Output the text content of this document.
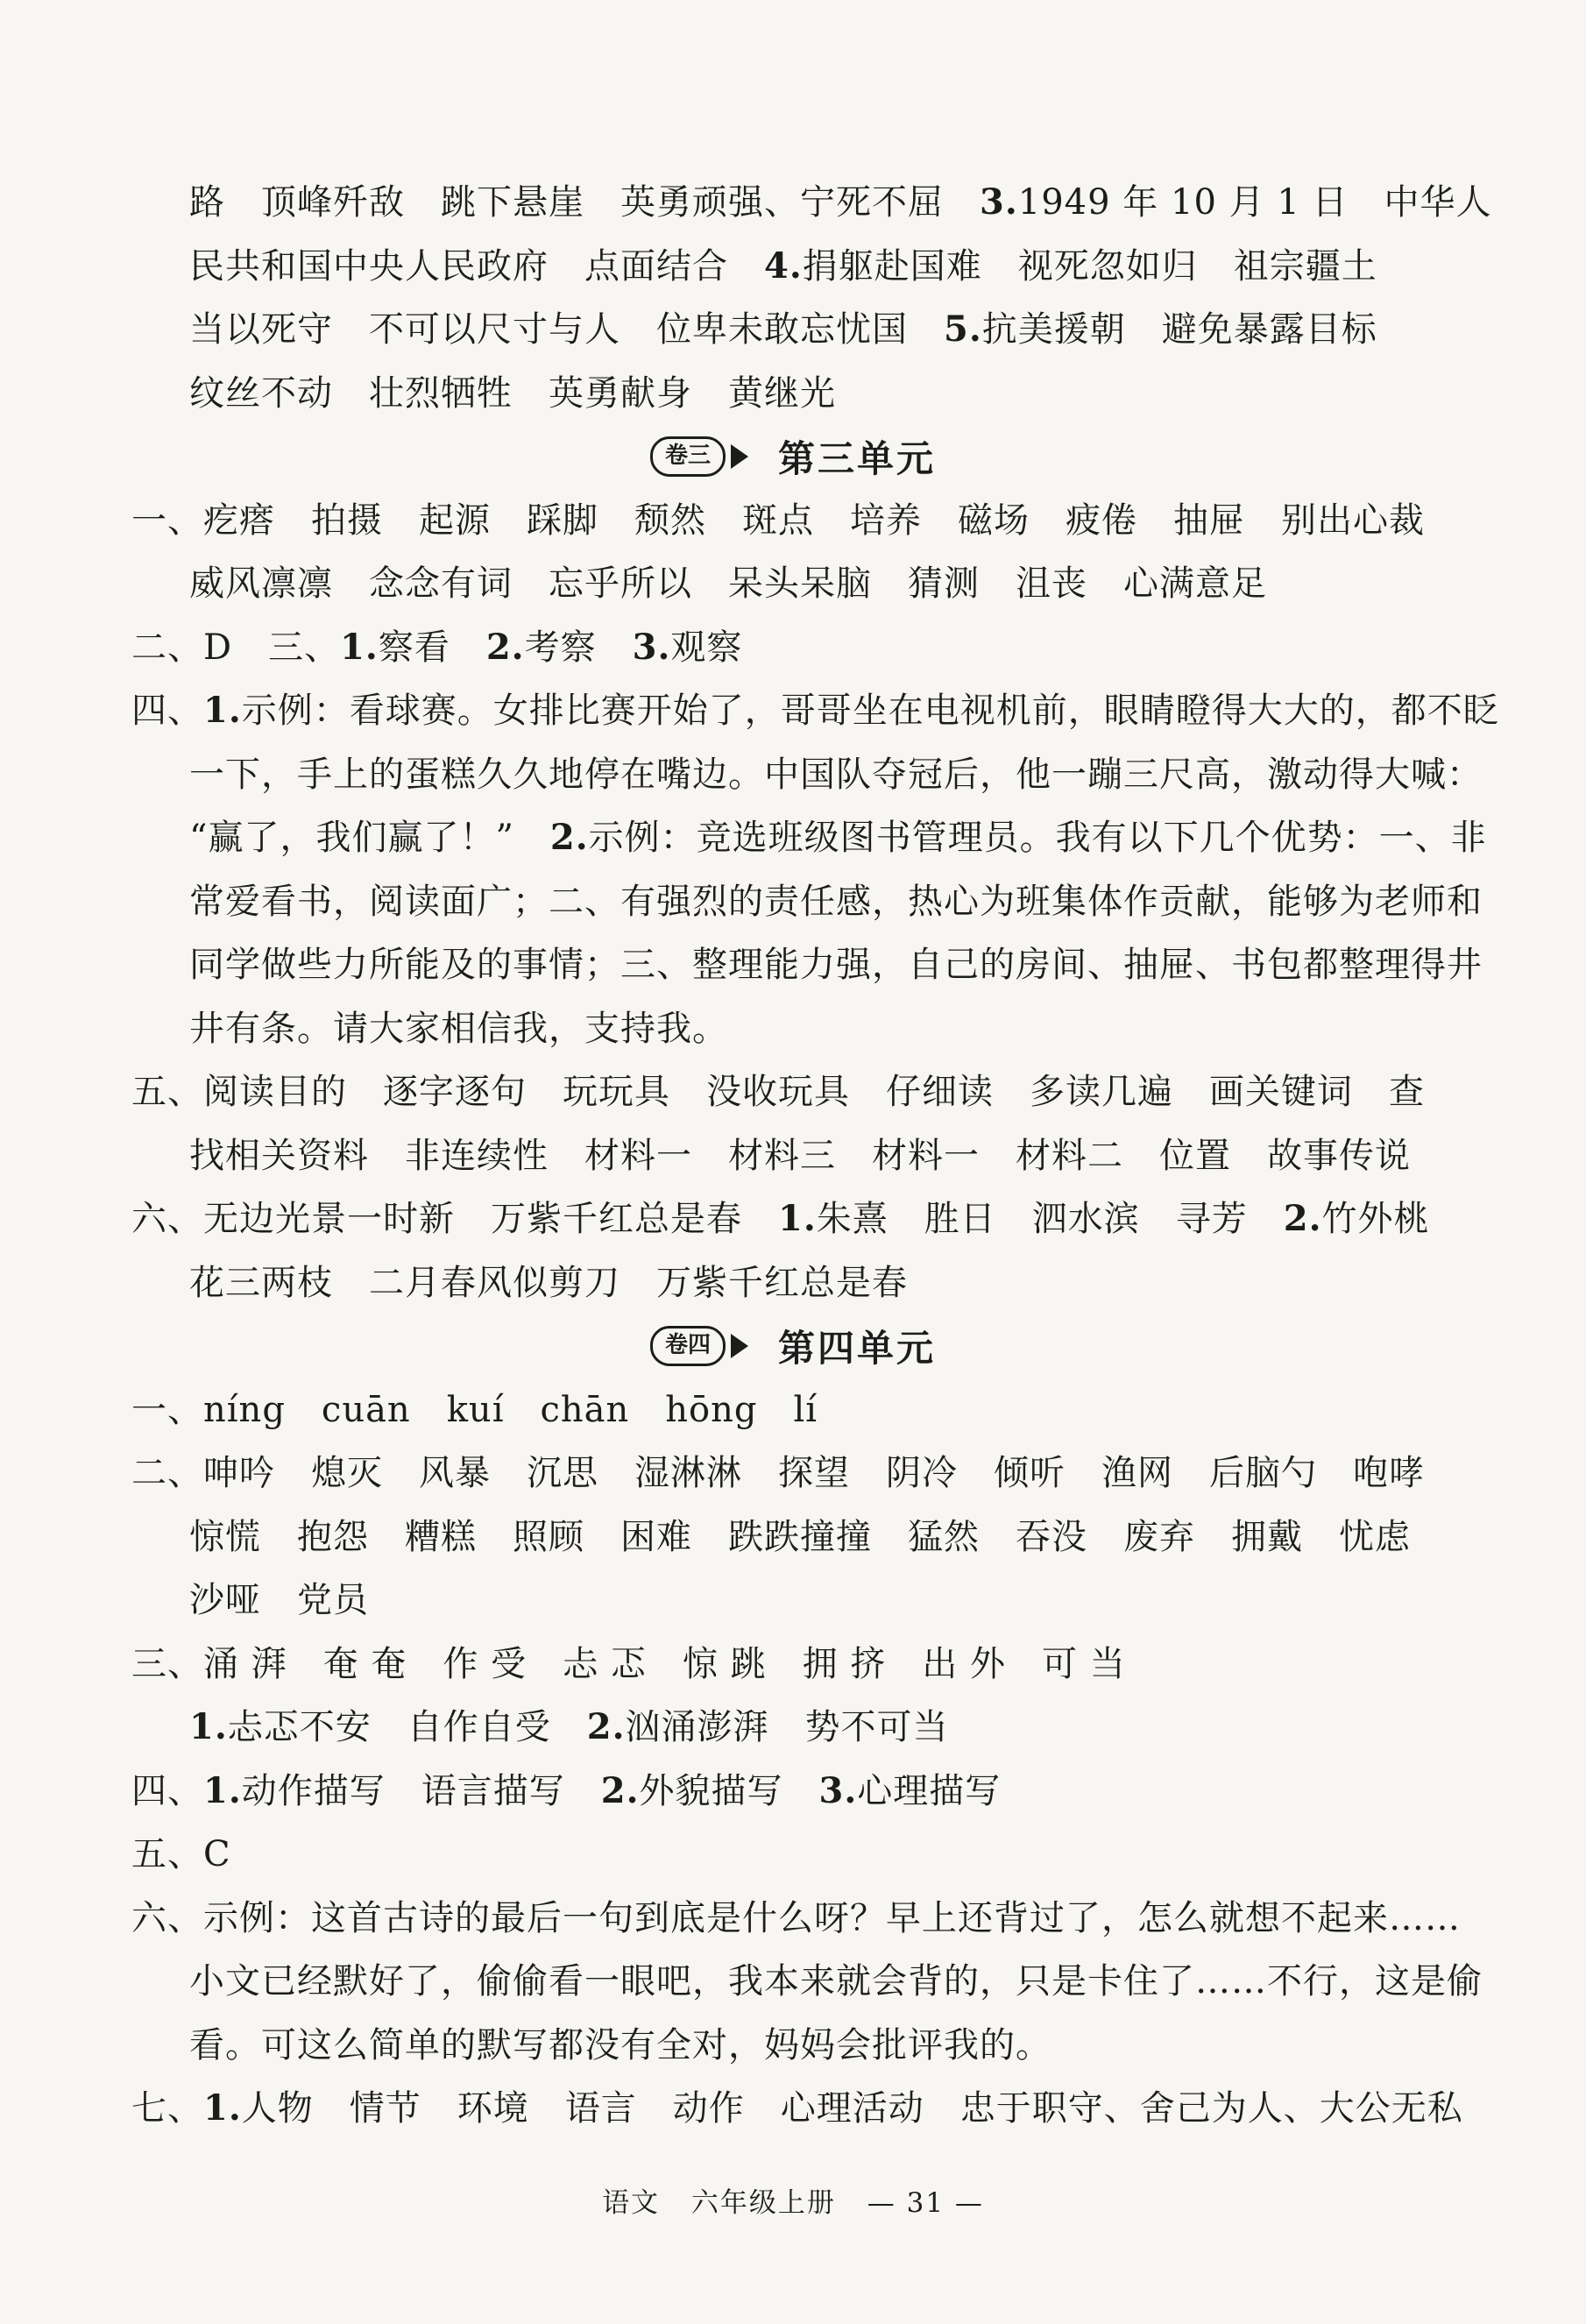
路　顶峰歼敌　跳下悬崖　英勇顽强、宁死不屈　3.1949 年 10 月 1 日　中华人
民共和国中央人民政府　点面结合　4.捐躯赴国难　视死忽如归　祖宗疆土
当以死守　不可以尺寸与人　位卑未敢忘忧国　5.抗美援朝　避免暴露目标
纹丝不动　壮烈牺牲　英勇献身　黄继光
卷三	第三单元
一、疙瘩　拍摄　起源　踩脚　颓然　斑点　培养　磁场　疲倦　抽屉　别出心裁
威风凛凛　念念有词　忘乎所以　呆头呆脑　猜测　沮丧　心满意足
二、D　三、1.察看　2.考察　3.观察
四、1.示例：看球赛。女排比赛开始了，哥哥坐在电视机前，眼睛瞪得大大的，都不眨
一下，手上的蛋糕久久地停在嘴边。中国队夺冠后，他一蹦三尺高，激动得大喊：
“赢了，我们赢了！”　2.示例：竞选班级图书管理员。我有以下几个优势：一、非
常爱看书，阅读面广；二、有强烈的责任感，热心为班集体作贡献，能够为老师和
同学做些力所能及的事情；三、整理能力强，自己的房间、抽屉、书包都整理得井
井有条。请大家相信我，支持我。
五、阅读目的　逐字逐句　玩玩具　没收玩具　仔细读　多读几遍　画关键词　查
找相关资料　非连续性　材料一　材料三　材料一　材料二　位置　故事传说
六、无边光景一时新　万紫千红总是春　1.朱熹　胜日　泗水滨　寻芳　2.竹外桃
花三两枝　二月春风似剪刀　万紫千红总是春
卷四	第四单元
一、níng　cuān　kuí　chān　hōng　lí
二、呻吟　熄灭　风暴　沉思　湿淋淋　探望　阴冷　倾听　渔网　后脑勺　咆哮
惊慌　抱怨　糟糕　照顾　困难　跌跌撞撞　猛然　吞没　废弃　拥戴　忧虑
沙哑　党员
三、涌 湃　奄 奄　作 受　忐 忑　惊 跳　拥 挤　出 外　可 当
1.忐忑不安　自作自受　2.汹涌澎湃　势不可当
四、1.动作描写　语言描写　2.外貌描写　3.心理描写
五、C
六、示例：这首古诗的最后一句到底是什么呀？早上还背过了，怎么就想不起来……
小文已经默好了，偷偷看一眼吧，我本来就会背的，只是卡住了……不行，这是偷
看。可这么简单的默写都没有全对，妈妈会批评我的。
七、1.人物　情节　环境　语言　动作　心理活动　忠于职守、舍己为人、大公无私
语文 六年级上册 — 31 —
